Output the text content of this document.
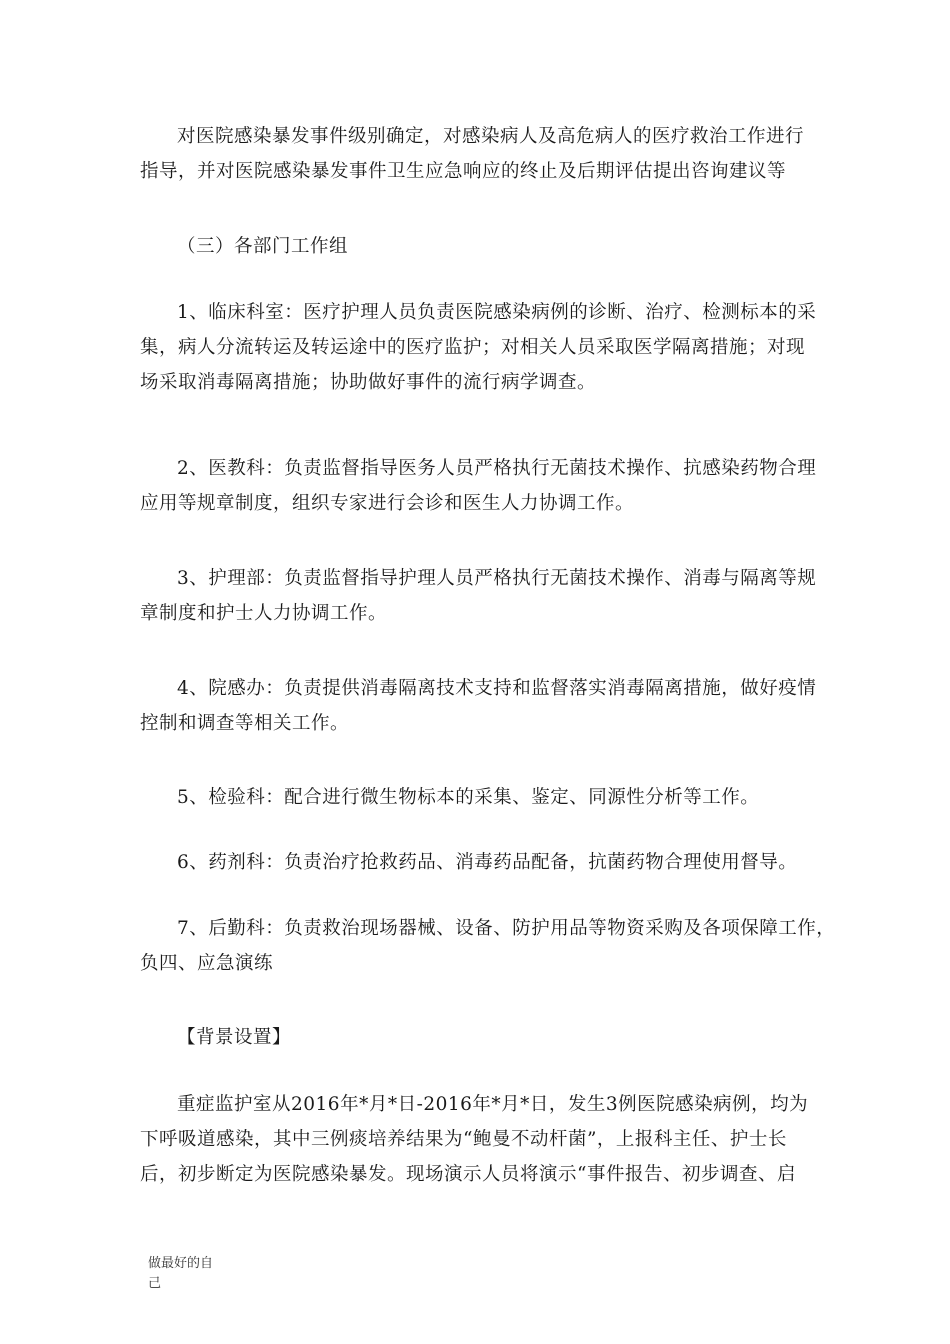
对医院感染暴发事件级别确定，对感染病人及高危病人的医疗救治工作进行
指导，并对医院感染暴发事件卫生应急响应的终止及后期评估提出咨询建议等

（三）各部门工作组

1、临床科室：医疗护理人员负责医院感染病例的诊断、治疗、检测标本的采
集，病人分流转运及转运途中的医疗监护；对相关人员采取医学隔离措施；对现
场采取消毒隔离措施；协助做好事件的流行病学调查。

2、医教科：负责监督指导医务人员严格执行无菌技术操作、抗感染药物合理
应用等规章制度，组织专家进行会诊和医生人力协调工作。

3、护理部：负责监督指导护理人员严格执行无菌技术操作、消毒与隔离等规
章制度和护士人力协调工作。

4、院感办：负责提供消毒隔离技术支持和监督落实消毒隔离措施，做好疫情
控制和调查等相关工作。

5、检验科：配合进行微生物标本的采集、鉴定、同源性分析等工作。

6、药剂科：负责治疗抢救药品、消毒药品配备，抗菌药物合理使用督导。

7、后勤科：负责救治现场器械、设备、防护用品等物资采购及各项保障工作，
负四、应急演练

【背景设置】

重症监护室从2016年*月*日-2016年*月*日，发生3例医院感染病例，均为
下呼吸道感染，其中三例痰培养结果为“鲍曼不动杆菌”，上报科主任、护士长
后，初步断定为医院感染暴发。现场演示人员将演示“事件报告、初步调查、启

做最好的自
己
